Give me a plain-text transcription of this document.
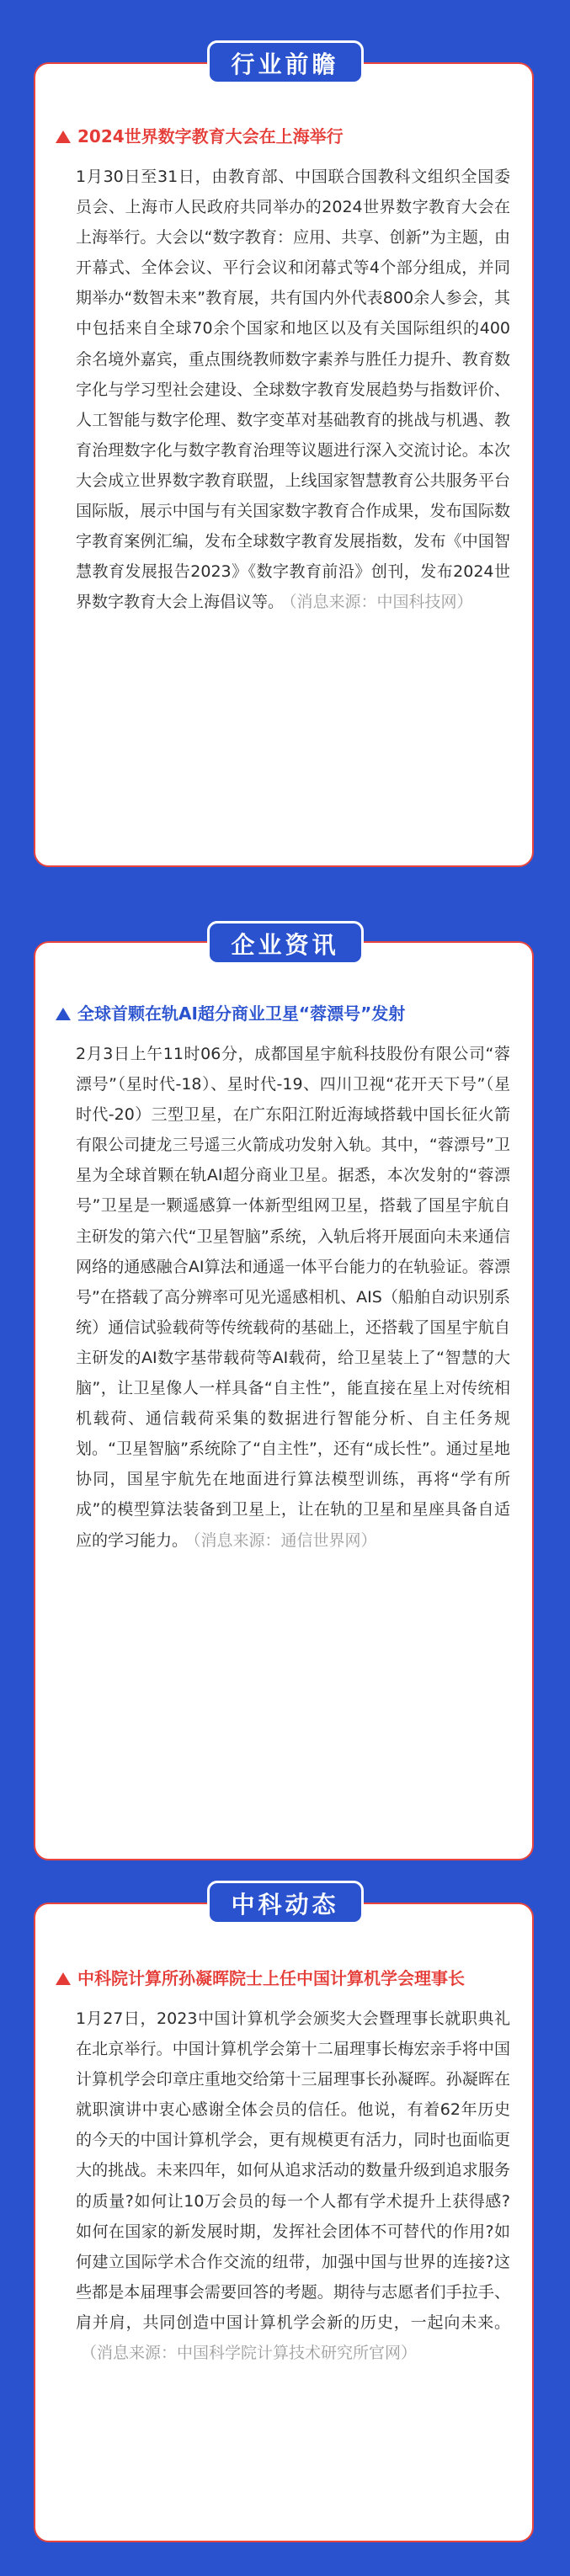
2024世界数字教育大会在上海举行
1月30日至31日，由教育部、中国联合国教科文组织全国委员会、上海市人民政府共同举办的2024世界数字教育大会在上海举行。大会以“数字教育：应用、共享、创新”为主题，由开幕式、全体会议、平行会议和闭幕式等4个部分组成，并同期举办“数智未来”教育展，共有国内外代表800余人参会，其中包括来自全球70余个国家和地区以及有关国际组织的400余名境外嘉宾，重点围绕教师数字素养与胜任力提升、教育数字化与学习型社会建设、全球数字教育发展趋势与指数评价、人工智能与数字伦理、数字变革对基础教育的挑战与机遇、教育治理数字化与数字教育治理等议题进行深入交流讨论。本次大会成立世界数字教育联盟，上线国家智慧教育公共服务平台国际版，展示中国与有关国家数字教育合作成果，发布国际数字教育案例汇编，发布全球数字教育发展指数，发布《中国智慧教育发展报告2023》《数字教育前沿》创刊，发布2024世界数字教育大会上海倡议等。 （消息来源：中国科技网）
行业前瞻
全球首颗在轨AI超分商业卫星“蓉漂号”发射
2月3日上午11时06分，成都国星宇航科技股份有限公司“蓉漂号”（星时代-18）、星时代-19、四川卫视“花开天下号”（星时代-20）三型卫星，在广东阳江附近海域搭载中国长征火箭有限公司捷龙三号遥三火箭成功发射入轨。其中，“蓉漂号”卫星为全球首颗在轨AI超分商业卫星。据悉，本次发射的“蓉漂号”卫星是一颗遥感算一体新型组网卫星，搭载了国星宇航自主研发的第六代“卫星智脑”系统，入轨后将开展面向未来通信网络的通感融合AI算法和通遥一体平台能力的在轨验证。蓉漂号”在搭载了高分辨率可见光遥感相机、AIS（船舶自动识别系统）通信试验载荷等传统载荷的基础上，还搭载了国星宇航自主研发的AI数字基带载荷等AI载荷，给卫星装上了“智慧的大脑”，让卫星像人一样具备“自主性”，能直接在星上对传统相机载荷、通信载荷采集的数据进行智能分析、自主任务规划。“卫星智脑”系统除了“自主性”，还有“成长性”。通过星地协同，国星宇航先在地面进行算法模型训练，再将“学有所成”的模型算法装备到卫星上，让在轨的卫星和星座具备自适应的学习能力。 （消息来源：通信世界网）
企业资讯
中科院计算所孙凝晖院士上任中国计算机学会理事长
1月27日，2023中国计算机学会颁奖大会暨理事长就职典礼在北京举行。中国计算机学会第十二届理事长梅宏亲手将中国计算机学会印章庄重地交给第十三届理事长孙凝晖。孙凝晖在就职演讲中衷心感谢全体会员的信任。他说，有着62年历史的今天的中国计算机学会，更有规模更有活力，同时也面临更大的挑战。未来四年，如何从追求活动的数量升级到追求服务的质量?如何让10万会员的每一个人都有学术提升上获得感?如何在国家的新发展时期，发挥社会团体不可替代的作用?如何建立国际学术合作交流的纽带，加强中国与世界的连接?这些都是本届理事会需要回答的考题。期待与志愿者们手拉手、肩并肩，共同创造中国计算机学会新的历史，一起向未来。（消息来源：中国科学院计算技术研究所官网）
中科动态
